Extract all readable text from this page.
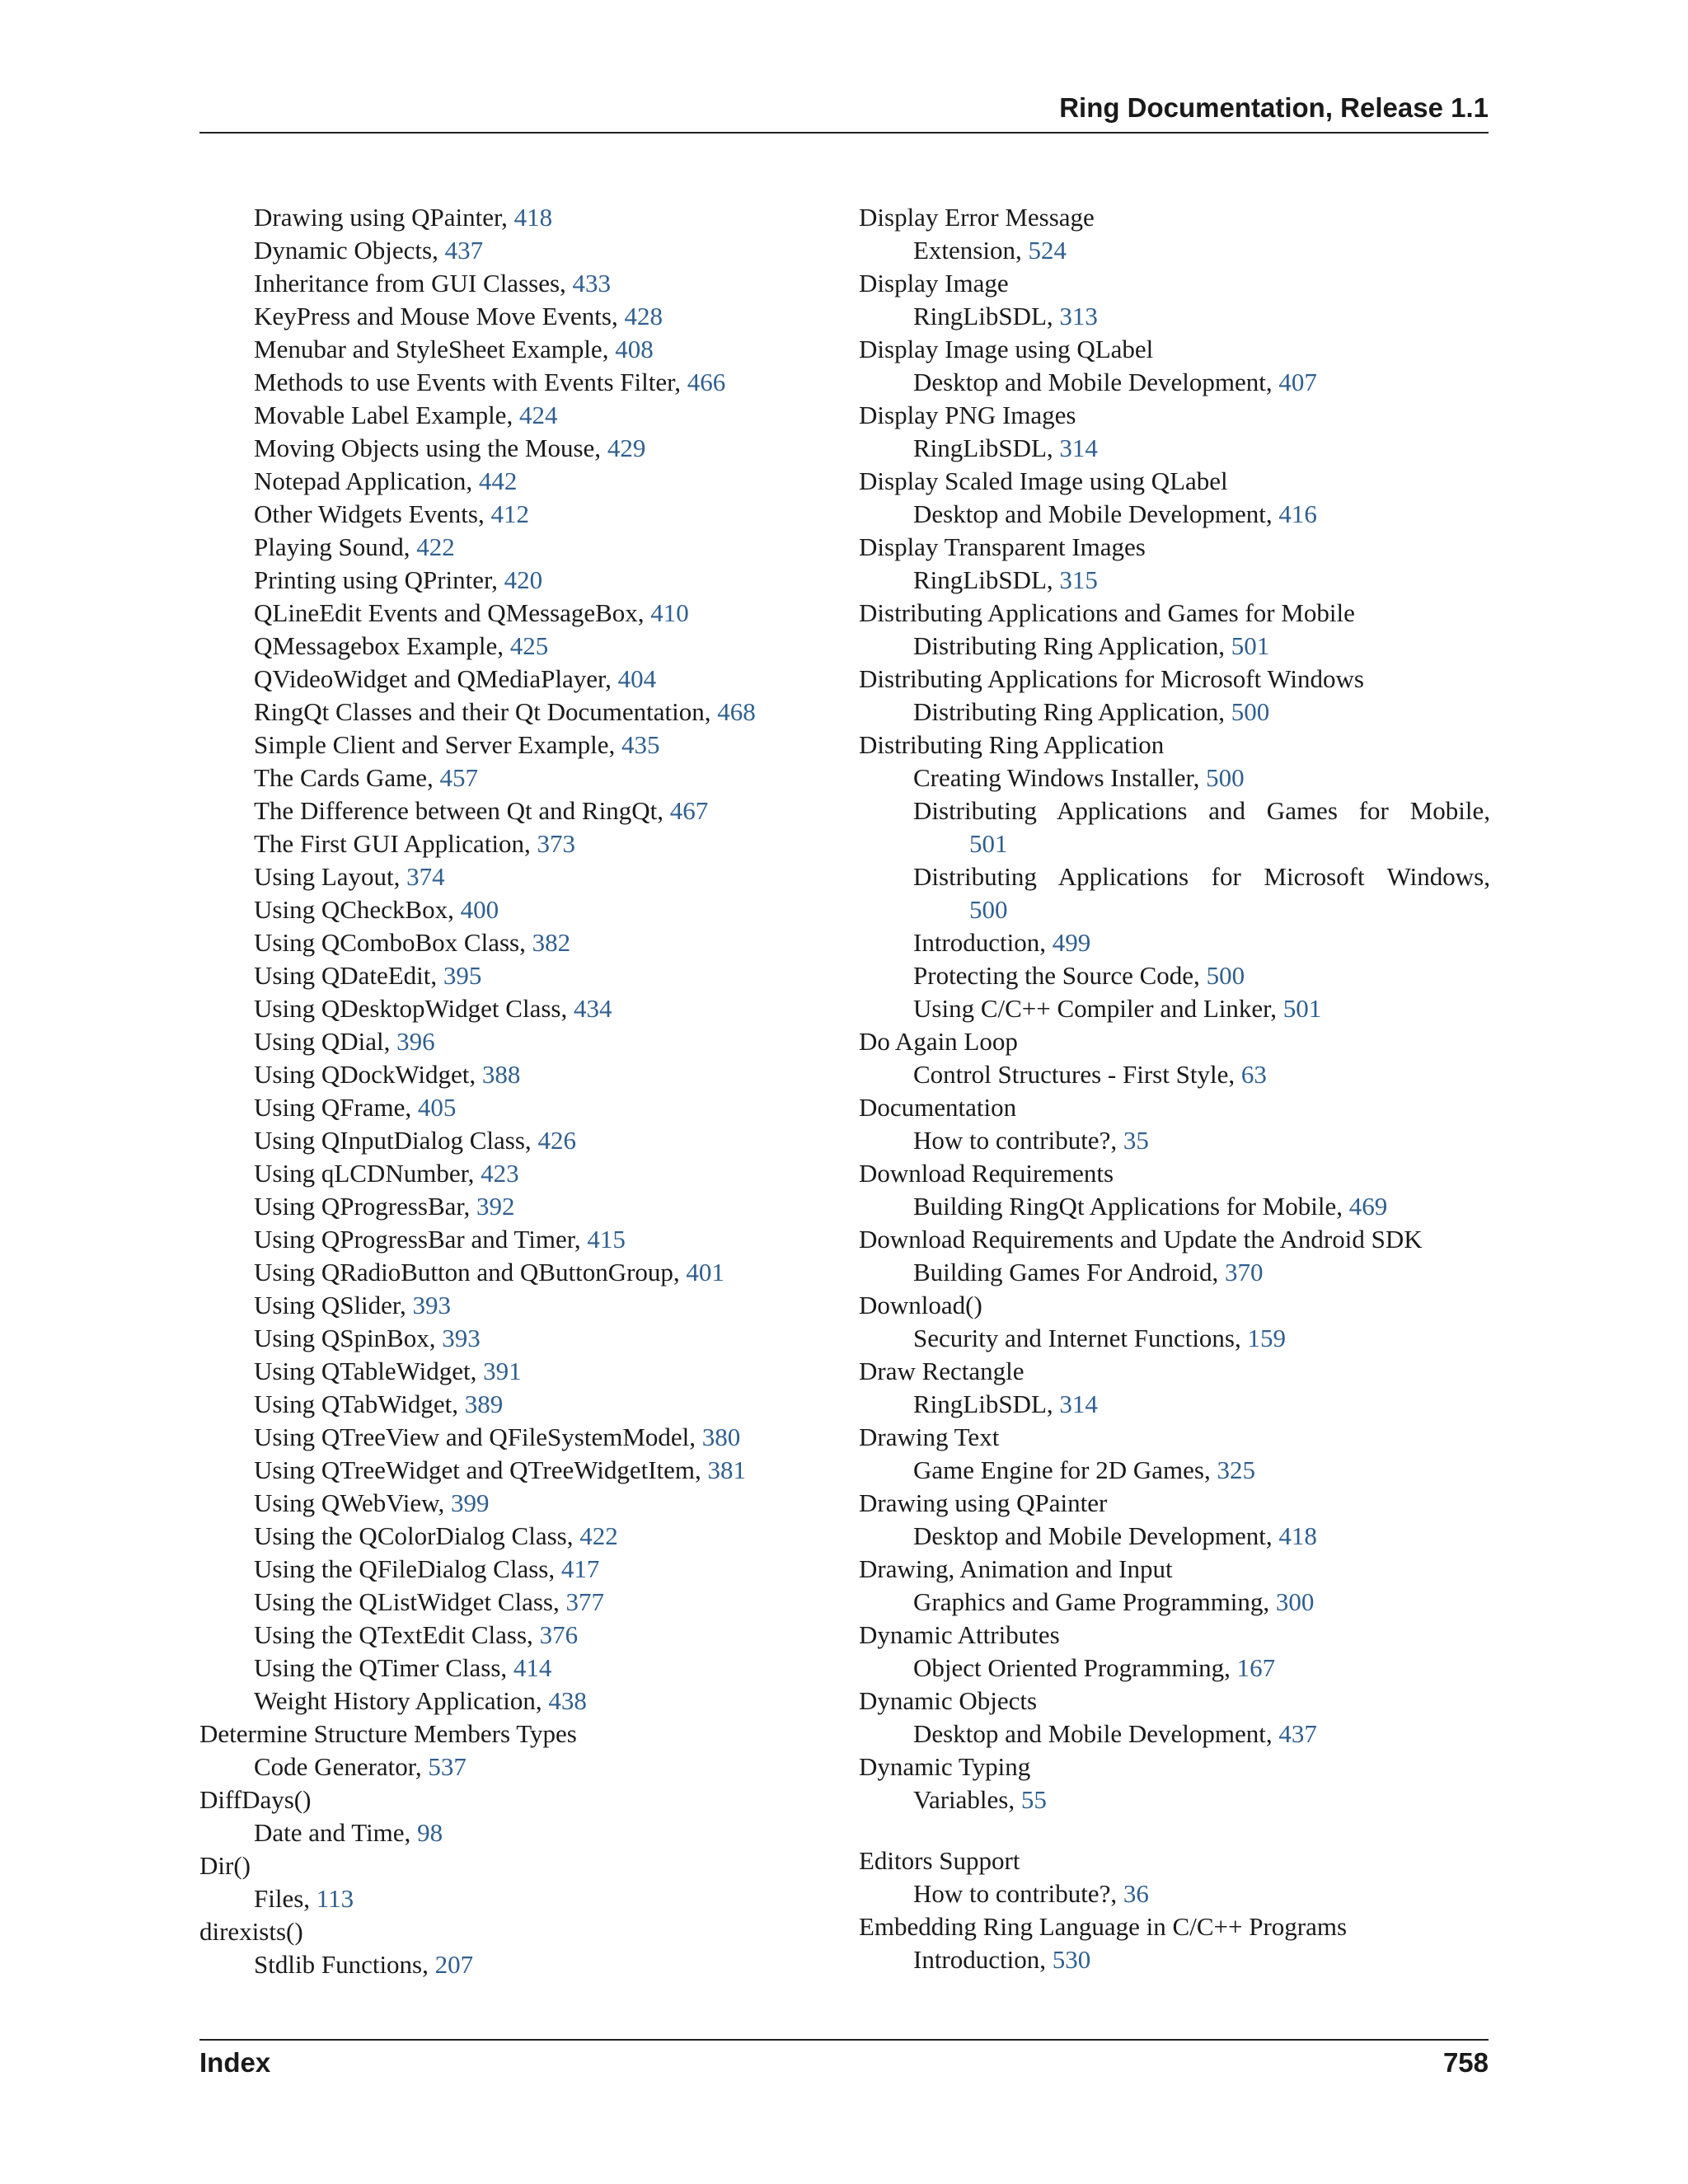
Ring Documentation, Release 1.1
Drawing using QPainter, 418
Dynamic Objects, 437
Inheritance from GUI Classes, 433
KeyPress and Mouse Move Events, 428
Menubar and StyleSheet Example, 408
Methods to use Events with Events Filter, 466
Movable Label Example, 424
Moving Objects using the Mouse, 429
Notepad Application, 442
Other Widgets Events, 412
Playing Sound, 422
Printing using QPrinter, 420
QLineEdit Events and QMessageBox, 410
QMessagebox Example, 425
QVideoWidget and QMediaPlayer, 404
RingQt Classes and their Qt Documentation, 468
Simple Client and Server Example, 435
The Cards Game, 457
The Difference between Qt and RingQt, 467
The First GUI Application, 373
Using Layout, 374
Using QCheckBox, 400
Using QComboBox Class, 382
Using QDateEdit, 395
Using QDesktopWidget Class, 434
Using QDial, 396
Using QDockWidget, 388
Using QFrame, 405
Using QInputDialog Class, 426
Using qLCDNumber, 423
Using QProgressBar, 392
Using QProgressBar and Timer, 415
Using QRadioButton and QButtonGroup, 401
Using QSlider, 393
Using QSpinBox, 393
Using QTableWidget, 391
Using QTabWidget, 389
Using QTreeView and QFileSystemModel, 380
Using QTreeWidget and QTreeWidgetItem, 381
Using QWebView, 399
Using the QColorDialog Class, 422
Using the QFileDialog Class, 417
Using the QListWidget Class, 377
Using the QTextEdit Class, 376
Using the QTimer Class, 414
Weight History Application, 438
Determine Structure Members Types
Code Generator, 537
DiffDays()
Date and Time, 98
Dir()
Files, 113
direxists()
Stdlib Functions, 207
Display Error Message
Extension, 524
Display Image
RingLibSDL, 313
Display Image using QLabel
Desktop and Mobile Development, 407
Display PNG Images
RingLibSDL, 314
Display Scaled Image using QLabel
Desktop and Mobile Development, 416
Display Transparent Images
RingLibSDL, 315
Distributing Applications and Games for Mobile
Distributing Ring Application, 501
Distributing Applications for Microsoft Windows
Distributing Ring Application, 500
Distributing Ring Application
Creating Windows Installer, 500
Distributing Applications and Games for Mobile,
501
Distributing Applications for Microsoft Windows,
500
Introduction, 499
Protecting the Source Code, 500
Using C/C++ Compiler and Linker, 501
Do Again Loop
Control Structures - First Style, 63
Documentation
How to contribute?, 35
Download Requirements
Building RingQt Applications for Mobile, 469
Download Requirements and Update the Android SDK
Building Games For Android, 370
Download()
Security and Internet Functions, 159
Draw Rectangle
RingLibSDL, 314
Drawing Text
Game Engine for 2D Games, 325
Drawing using QPainter
Desktop and Mobile Development, 418
Drawing, Animation and Input
Graphics and Game Programming, 300
Dynamic Attributes
Object Oriented Programming, 167
Dynamic Objects
Desktop and Mobile Development, 437
Dynamic Typing
Variables, 55
Editors Support
How to contribute?, 36
Embedding Ring Language in C/C++ Programs
Introduction, 530
Index	758
